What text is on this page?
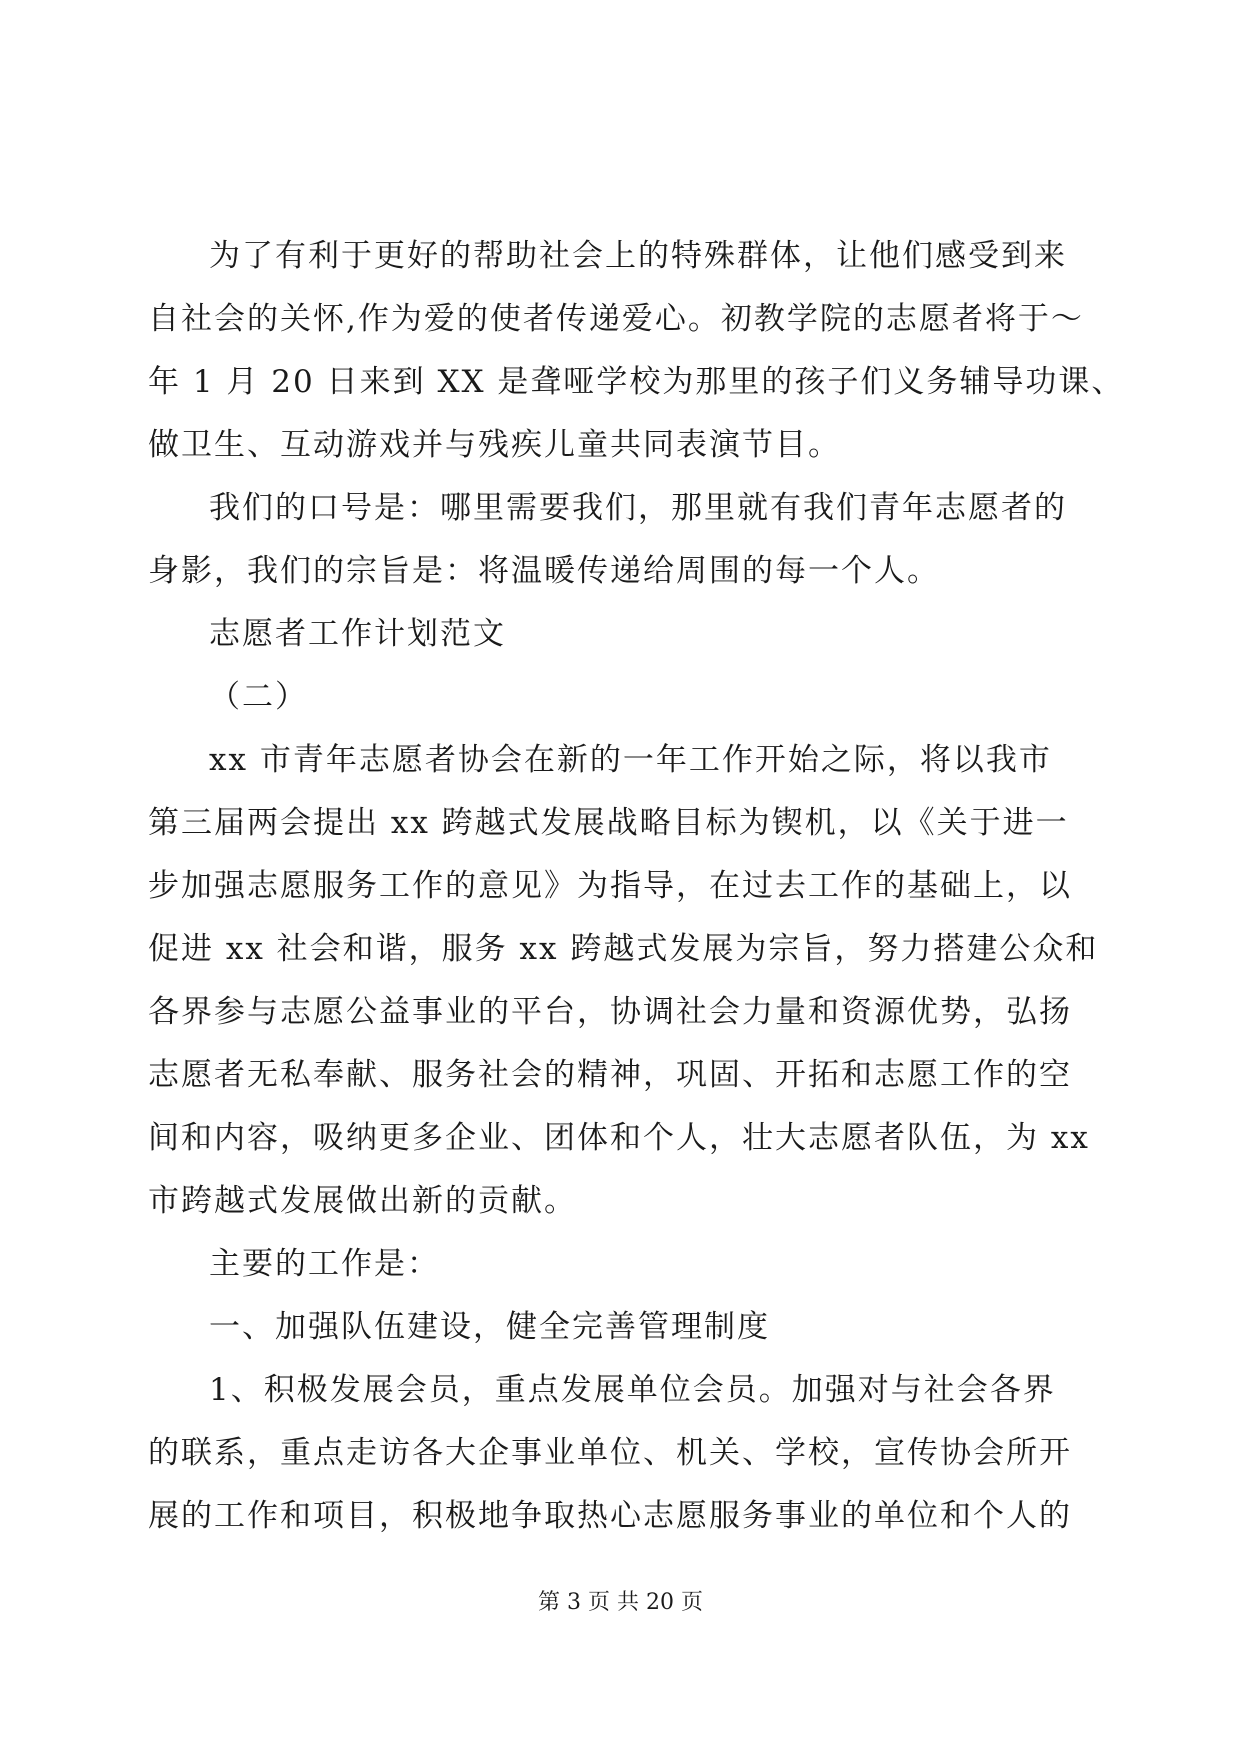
为了有利于更好的帮助社会上的特殊群体，让他们感受到来
自社会的关怀,作为爱的使者传递爱心。初教学院的志愿者将于～
年 1 月 20 日来到 XX 是聋哑学校为那里的孩子们义务辅导功课、
做卫生、互动游戏并与残疾儿童共同表演节目。
我们的口号是：哪里需要我们，那里就有我们青年志愿者的
身影，我们的宗旨是：将温暖传递给周围的每一个人。
志愿者工作计划范文
（二）
xx 市青年志愿者协会在新的一年工作开始之际，将以我市
第三届两会提出 xx 跨越式发展战略目标为锲机，以《关于进一
步加强志愿服务工作的意见》为指导，在过去工作的基础上，以
促进 xx 社会和谐，服务 xx 跨越式发展为宗旨，努力搭建公众和
各界参与志愿公益事业的平台，协调社会力量和资源优势，弘扬
志愿者无私奉献、服务社会的精神，巩固、开拓和志愿工作的空
间和内容，吸纳更多企业、团体和个人，壮大志愿者队伍，为 xx
市跨越式发展做出新的贡献。
主要的工作是：
一、加强队伍建设，健全完善管理制度
1、积极发展会员，重点发展单位会员。加强对与社会各界
的联系，重点走访各大企事业单位、机关、学校，宣传协会所开
展的工作和项目，积极地争取热心志愿服务事业的单位和个人的
第 3 页 共 20 页
